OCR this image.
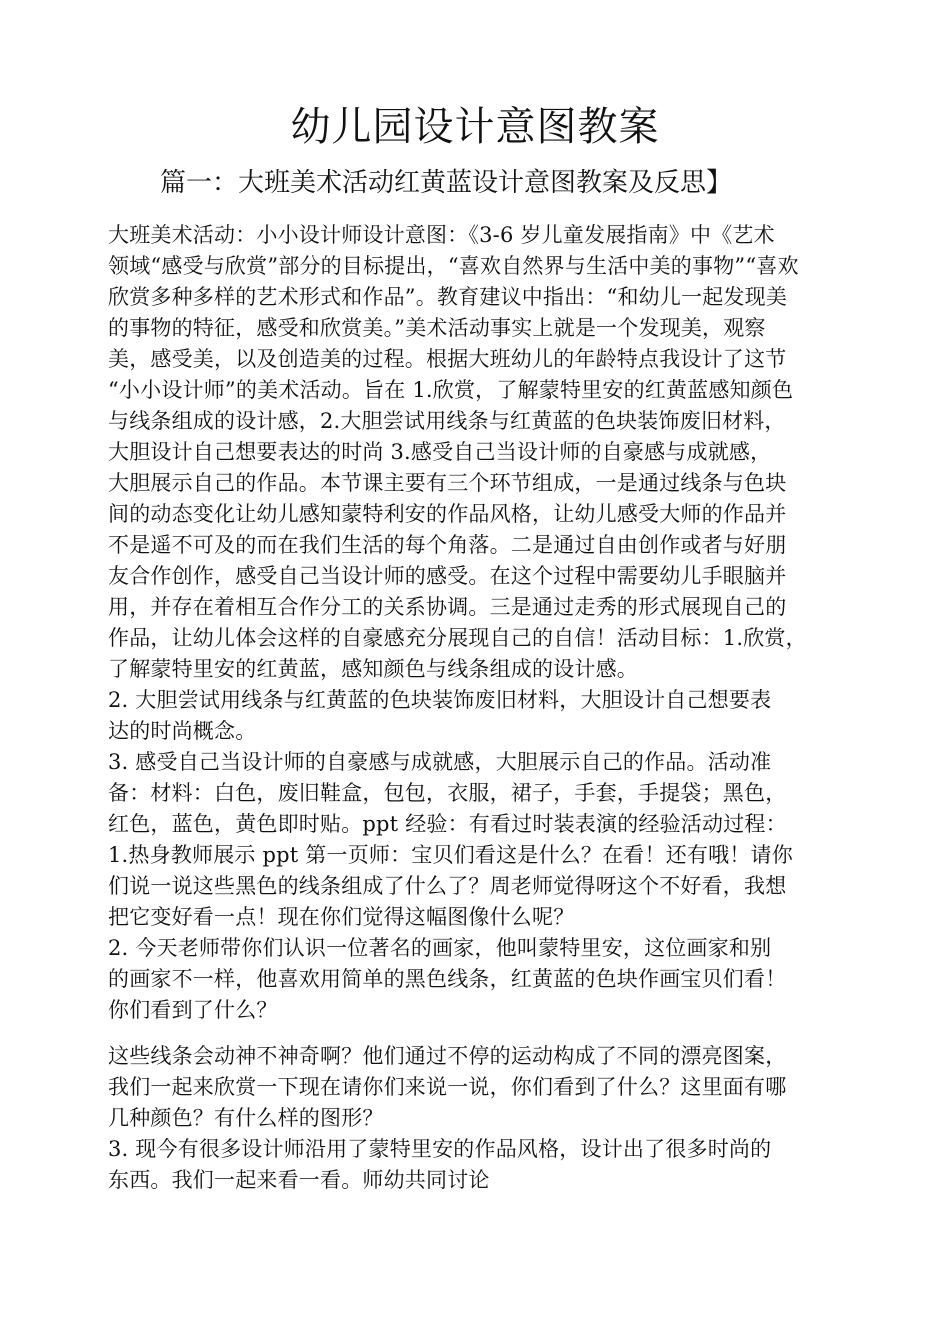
幼儿园设计意图教案
篇一：大班美术活动红黄蓝设计意图教案及反思】
大班美术活动：小小设计师设计意图：《3-6 岁儿童发展指南》中《艺术
领域“感受与欣赏”部分的目标提出，“喜欢自然界与生活中美的事物”“喜欢
欣赏多种多样的艺术形式和作品”。教育建议中指出：“和幼儿一起发现美
的事物的特征，感受和欣赏美。”美术活动事实上就是一个发现美，观察
美，感受美，以及创造美的过程。根据大班幼儿的年龄特点我设计了这节
“小小设计师”的美术活动。旨在 1.欣赏，了解蒙特里安的红黄蓝感知颜色
与线条组成的设计感，2.大胆尝试用线条与红黄蓝的色块装饰废旧材料，
大胆设计自己想要表达的时尚 3.感受自己当设计师的自豪感与成就感，
大胆展示自己的作品。本节课主要有三个环节组成，一是通过线条与色块
间的动态变化让幼儿感知蒙特利安的作品风格，让幼儿感受大师的作品并
不是遥不可及的而在我们生活的每个角落。二是通过自由创作或者与好朋
友合作创作，感受自己当设计师的感受。在这个过程中需要幼儿手眼脑并
用，并存在着相互合作分工的关系协调。三是通过走秀的形式展现自己的
作品，让幼儿体会这样的自豪感充分展现自己的自信！活动目标：1.欣赏，
了解蒙特里安的红黄蓝，感知颜色与线条组成的设计感。
2. 大胆尝试用线条与红黄蓝的色块装饰废旧材料，大胆设计自己想要表
达的时尚概念。
3. 感受自己当设计师的自豪感与成就感，大胆展示自己的作品。活动准
备：材料：白色，废旧鞋盒，包包，衣服，裙子，手套，手提袋；黑色，
红色，蓝色，黄色即时贴。ppt 经验：有看过时装表演的经验活动过程：
1.热身教师展示 ppt 第一页师：宝贝们看这是什么？在看！还有哦！请你
们说一说这些黑色的线条组成了什么了？周老师觉得呀这个不好看，我想
把它变好看一点！现在你们觉得这幅图像什么呢？
2. 今天老师带你们认识一位著名的画家，他叫蒙特里安，这位画家和别
的画家不一样，他喜欢用简单的黑色线条，红黄蓝的色块作画宝贝们看！
你们看到了什么？
这些线条会动神不神奇啊？他们通过不停的运动构成了不同的漂亮图案，
我们一起来欣赏一下现在请你们来说一说，你们看到了什么？这里面有哪
几种颜色？有什么样的图形？
3. 现今有很多设计师沿用了蒙特里安的作品风格，设计出了很多时尚的
东西。我们一起来看一看。师幼共同讨论
